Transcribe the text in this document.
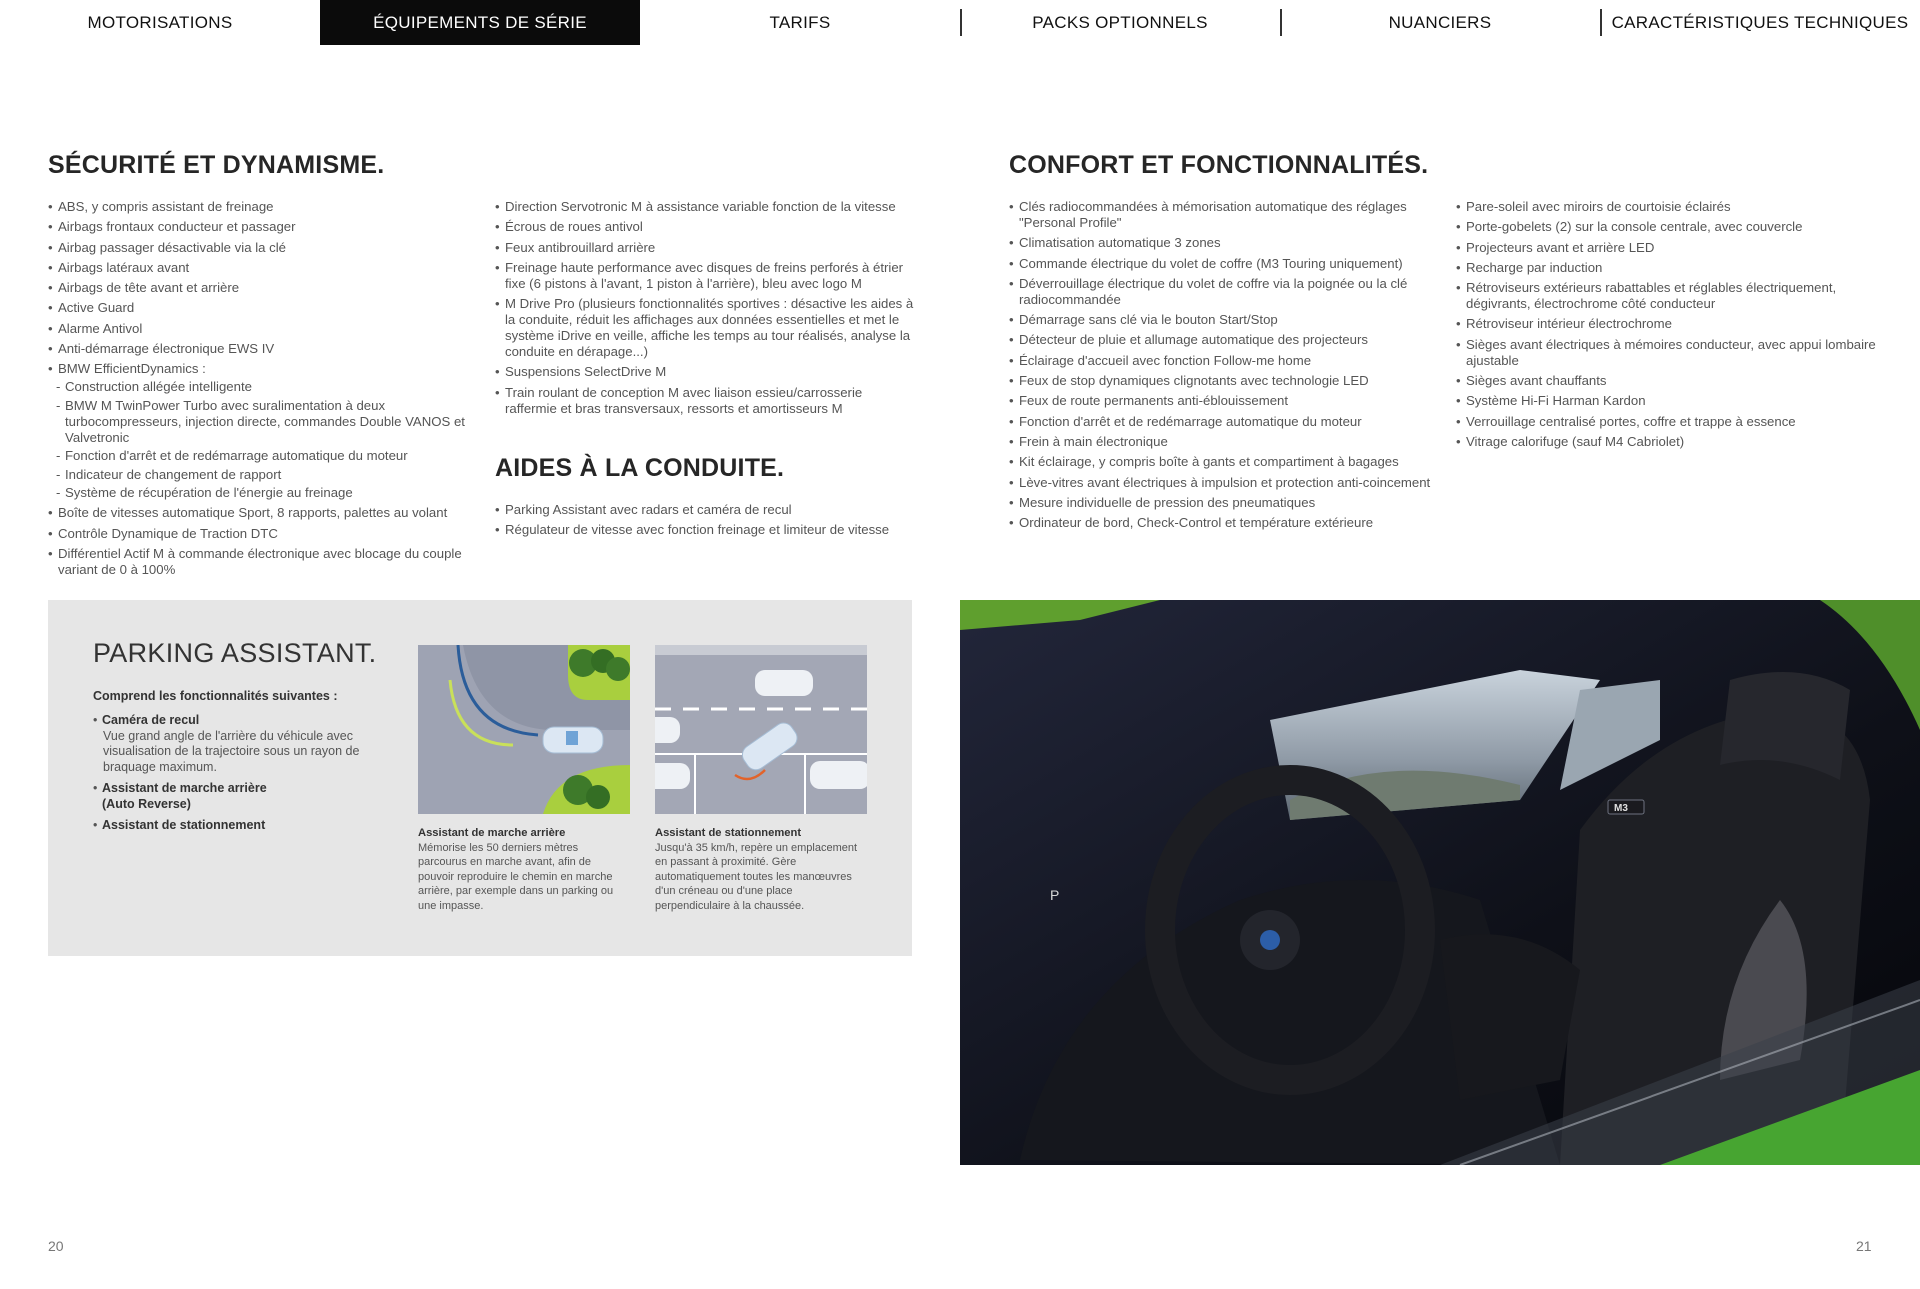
MOTORISATIONS	ÉQUIPEMENTS DE SÉRIE	TARIFS	PACKS OPTIONNELS	NUANCIERS	CARACTÉRISTIQUES TECHNIQUES
SÉCURITÉ ET DYNAMISME.
• ABS, y compris assistant de freinage
• Airbags frontaux conducteur et passager
• Airbag passager désactivable via la clé
• Airbags latéraux avant
• Airbags de tête avant et arrière
• Active Guard
• Alarme Antivol
• Anti-démarrage électronique EWS IV
• BMW EfficientDynamics :
- Construction allégée intelligente
- BMW M TwinPower Turbo avec suralimentation à deux turbocompresseurs, injection directe, commandes Double VANOS et Valvetronic
- Fonction d'arrêt et de redémarrage automatique du moteur
- Indicateur de changement de rapport
- Système de récupération de l'énergie au freinage
• Boîte de vitesses automatique Sport, 8 rapports, palettes au volant
• Contrôle Dynamique de Traction DTC
• Différentiel Actif M à commande électronique avec blocage du couple variant de 0 à 100%
• Direction Servotronic M à assistance variable fonction de la vitesse
• Écrous de roues antivol
• Feux antibrouillard arrière
• Freinage haute performance avec disques de freins perforés à étrier fixe (6 pistons à l'avant, 1 piston à l'arrière), bleu avec logo M
• M Drive Pro (plusieurs fonctionnalités sportives : désactive les aides à la conduite, réduit les affichages aux données essentielles et met le système iDrive en veille, affiche les temps au tour réalisés, analyse la conduite en dérapage...)
• Suspensions SelectDrive M
• Train roulant de conception M avec liaison essieu/carrosserie raffermie et bras transversaux, ressorts et amortisseurs M
AIDES À LA CONDUITE.
• Parking Assistant avec radars et caméra de recul
• Régulateur de vitesse avec fonction freinage et limiteur de vitesse
CONFORT ET FONCTIONNALITÉS.
• Clés radiocommandées à mémorisation automatique des réglages "Personal Profile"
• Climatisation automatique 3 zones
• Commande électrique du volet de coffre (M3 Touring uniquement)
• Déverrouillage électrique du volet de coffre via la poignée ou la clé radiocommandée
• Démarrage sans clé via le bouton Start/Stop
• Détecteur de pluie et allumage automatique des projecteurs
• Éclairage d'accueil avec fonction Follow-me home
• Feux de stop dynamiques clignotants avec technologie LED
• Feux de route permanents anti-éblouissement
• Fonction d'arrêt et de redémarrage automatique du moteur
• Frein à main électronique
• Kit éclairage, y compris boîte à gants et compartiment à bagages
• Lève-vitres avant électriques à impulsion et protection anti-coincement
• Mesure individuelle de pression des pneumatiques
• Ordinateur de bord, Check-Control et température extérieure
• Pare-soleil avec miroirs de courtoisie éclairés
• Porte-gobelets (2) sur la console centrale, avec couvercle
• Projecteurs avant et arrière LED
• Recharge par induction
• Rétroviseurs extérieurs rabattables et réglables électriquement, dégivrants, électrochrome côté conducteur
• Rétroviseur intérieur électrochrome
• Sièges avant électriques à mémoires conducteur, avec appui lombaire ajustable
• Sièges avant chauffants
• Système Hi-Fi Harman Kardon
• Verrouillage centralisé portes, coffre et trappe à essence
• Vitrage calorifuge (sauf M4 Cabriolet)
PARKING ASSISTANT.
Comprend les fonctionnalités suivantes :
• Caméra de recul
Vue grand angle de l'arrière du véhicule avec visualisation de la trajectoire sous un rayon de braquage maximum.
• Assistant de marche arrière (Auto Reverse)
• Assistant de stationnement
Assistant de marche arrière
Mémorise les 50 derniers mètres parcourus en marche avant, afin de pouvoir reproduire le chemin en marche arrière, par exemple dans un parking ou une impasse.
Assistant de stationnement
Jusqu'à 35 km/h, repère un emplacement en passant à proximité. Gère automatiquement toutes les manœuvres d'un créneau ou d'une place perpendiculaire à la chaussée.
M3
P
20	21
